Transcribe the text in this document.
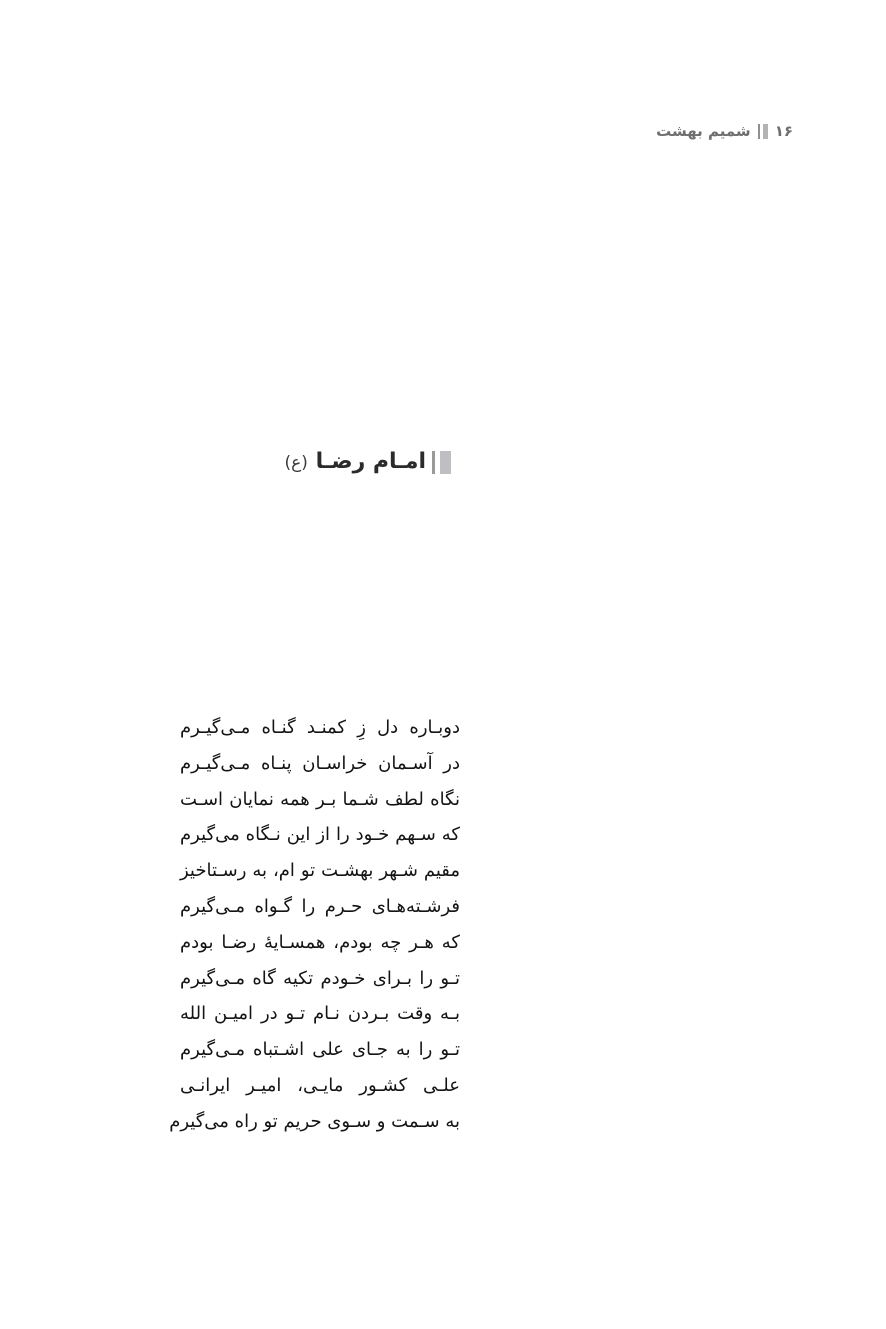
۱۶
شمیم بهشت
امـام رضـا (ع)

دوبـاره دل زِ کمنـد گنـاه مـی‌گیـرم

در آسـمان خراسـان پنـاه مـی‌گیـرم

نگاه لطف شـما بـر همه نمایان اسـت

که سـهم خـود را از این نـگاه می‌گیرم

مقیم شـهر بهشـت تو ام، به رسـتاخیز

فرشـته‌هـای حـرم را گـواه مـی‌گیرم

که هـر چه بودم، همسـایهٔ رضـا بودم

تـو را بـرای خـودم تکیه گاه مـی‌گیرم

بـه وقت بـردن نـام تـو در امیـن الله

تـو را به جـای علی اشـتباه مـی‌گیرم

علـی کشـور مایـی، امیـر ایرانـی

به سـمت و سـوی حریم تو راه می‌گیرم
